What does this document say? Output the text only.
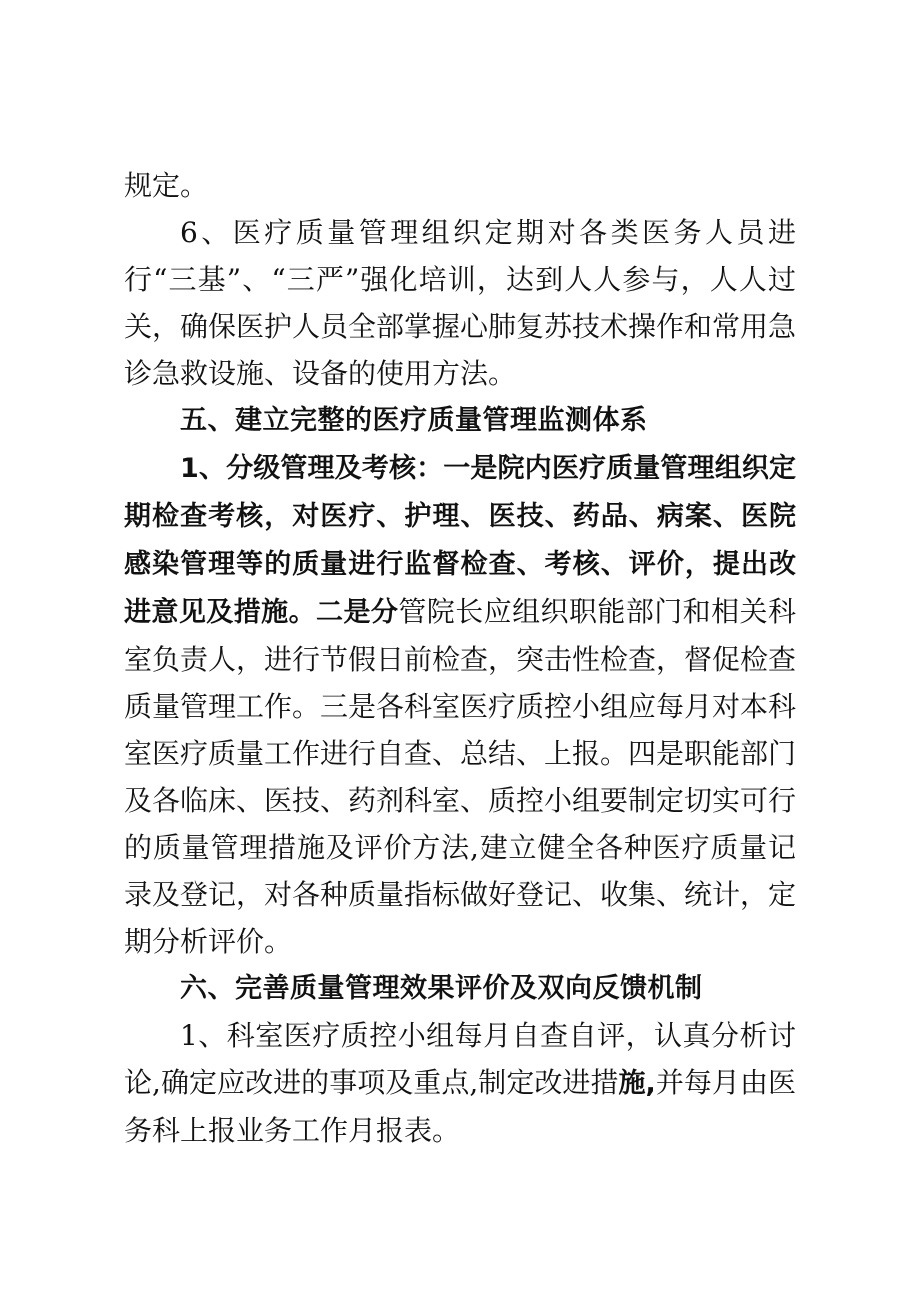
规定。

6、医疗质量管理组织定期对各类医务人员进行“三基”、“三严”强化培训，达到人人参与，人人过关，确保医护人员全部掌握心肺复苏技术操作和常用急诊急救设施、设备的使用方法。

五、建立完整的医疗质量管理监测体系

1、分级管理及考核：一是院内医疗质量管理组织定期检查考核，对医疗、护理、医技、药品、病案、医院感染管理等的质量进行监督检查、考核、评价，提出改进意见及措施。二是分管院长应组织职能部门和相关科室负责人，进行节假日前检查，突击性检查，督促检查质量管理工作。三是各科室医疗质控小组应每月对本科室医疗质量工作进行自查、总结、上报。四是职能部门及各临床、医技、药剂科室、质控小组要制定切实可行的质量管理措施及评价方法,建立健全各种医疗质量记录及登记，对各种质量指标做好登记、收集、统计，定期分析评价。

六、完善质量管理效果评价及双向反馈机制

1、科室医疗质控小组每月自查自评，认真分析讨论,确定应改进的事项及重点,制定改进措施,并每月由医务科上报业务工作月报表。
